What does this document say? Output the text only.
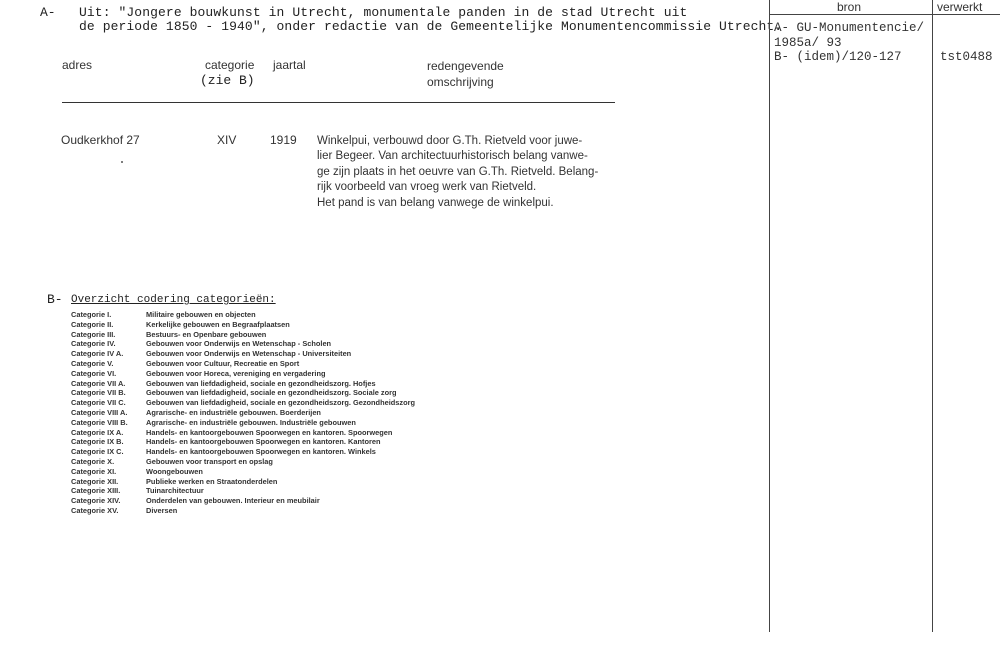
A- Uit: "Jongere bouwkunst in Utrecht, monumentale panden in de stad Utrecht uit
de periode 1850 - 1940", onder redactie van de Gemeentelijke Monumentencommissie Utrecht.
adres	categorie
(zie B)
jaartal	redengevende
omschrijving
Oudkerkhof 27	XIV	1919 Winkelpui, verbouwd door G.Th. Rietveld voor juwe-
lier Begeer. Van architectuurhistorisch belang vanwe-
ge zijn plaats in het oeuvre van G.Th. Rietveld. Belang-
rijk voorbeeld van vroeg werk van Rietveld.
Het pand is van belang vanwege de winkelpui.
bron	verwerkt
A- GU-Monumentencie/
1985a/ 93
B- (idem)/120-127	tst0488
B- Overzicht codering categorieën:
Categorie I.	Militaire gebouwen en objecten
Categorie II.	Kerkelijke gebouwen en Begraafplaatsen
Categorie III.	Bestuurs- en Openbare gebouwen
Categorie IV.	Gebouwen voor Onderwijs en Wetenschap - Scholen
Categorie IV A.	Gebouwen voor Onderwijs en Wetenschap - Universiteiten
Categorie V.	Gebouwen voor Cultuur, Recreatie en Sport
Categorie VI.	Gebouwen voor Horeca, vereniging en vergadering
Categorie VII A.	Gebouwen van liefdadigheid, sociale en gezondheidszorg. Hofjes
Categorie VII B.	Gebouwen van liefdadigheid, sociale en gezondheidszorg. Sociale zorg
Categorie VII C.	Gebouwen van liefdadigheid, sociale en gezondheidszorg. Gezondheidszorg
Categorie VIII A.	Agrarische- en industriële gebouwen. Boerderijen
Categorie VIII B. Agrarische- en industriële gebouwen. Industriële gebouwen
Categorie IX A.	Handels- en kantoorgebouwen Spoorwegen en kantoren. Spoorwegen
Categorie IX B.	Handels- en kantoorgebouwen Spoorwegen en kantoren. Kantoren
Categorie IX C.	Handels- en kantoorgebouwen Spoorwegen en kantoren. Winkels
Categorie X.	Gebouwen voor transport en opslag
Categorie XI.	Woongebouwen
Categorie XII.	Publieke werken en Straatonderdelen
Categorie XIII.	Tuinarchitectuur
Categorie XIV.	Onderdelen van gebouwen. Interieur en meubilair
Categorie XV.	Diversen
